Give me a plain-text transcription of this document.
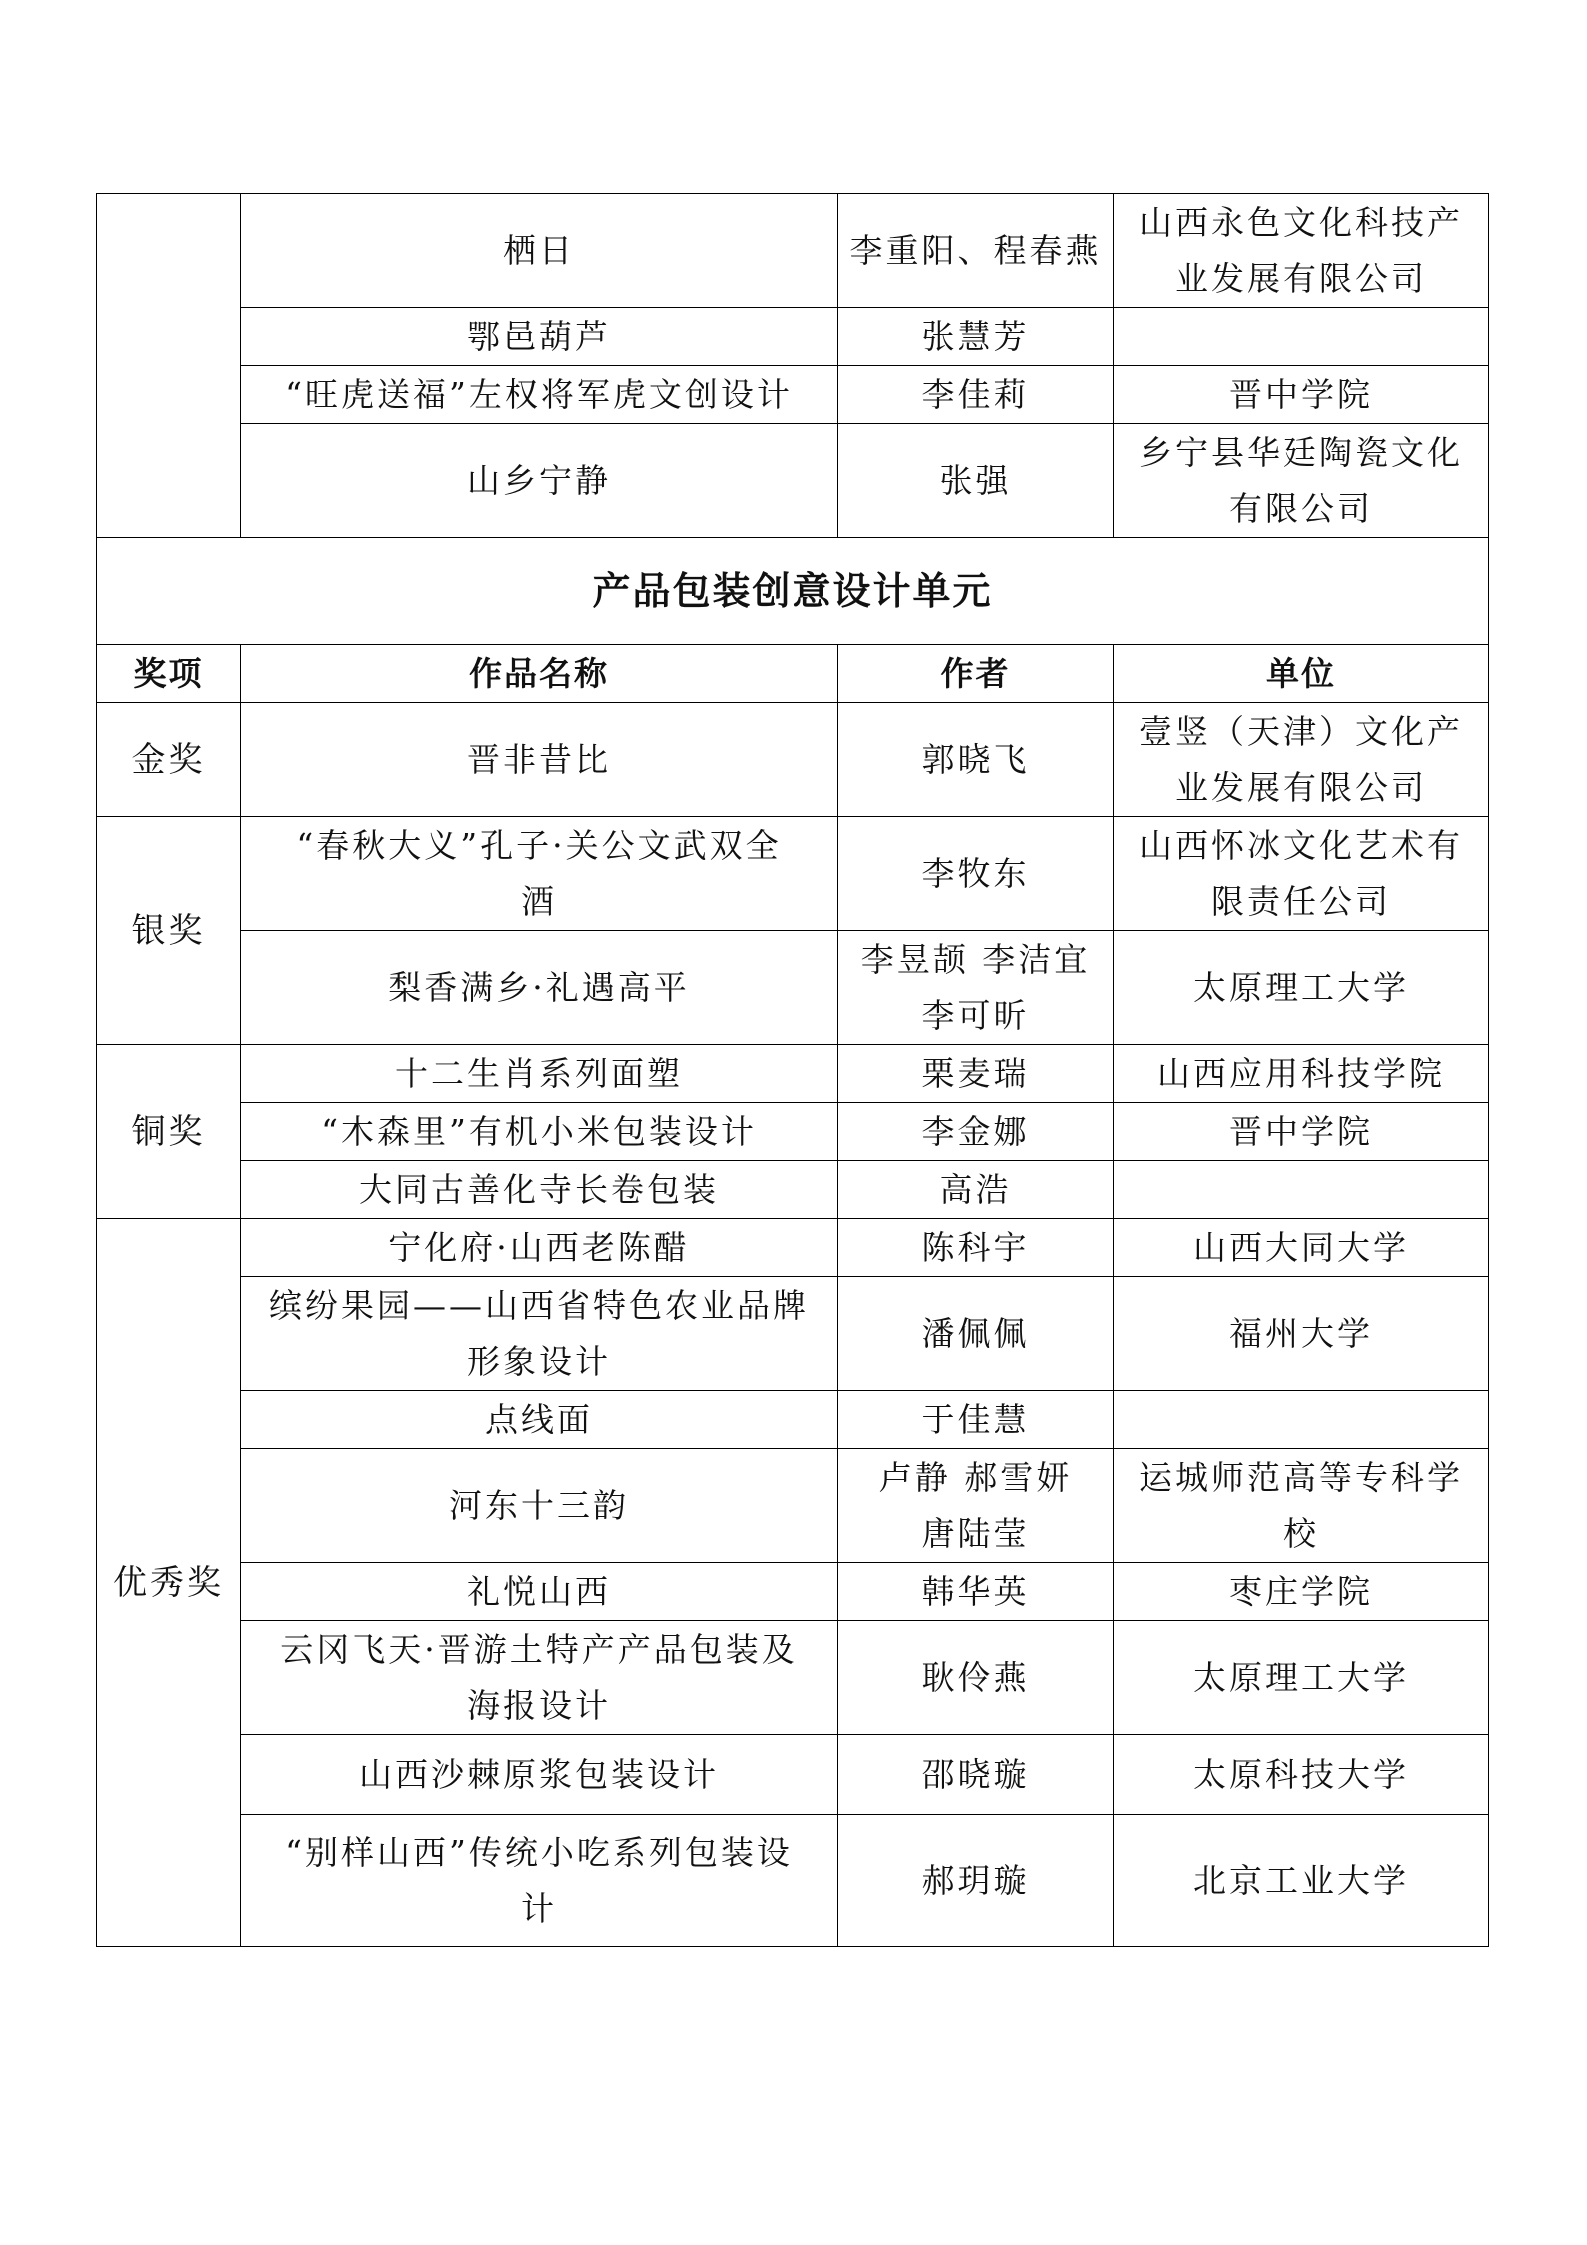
	栖日	李重阳、程春燕	山西永色文化科技产
业发展有限公司

	鄂邑葫芦	张慧芳	
	“旺虎送福”左权将军虎文创设计	李佳莉	晋中学院
	山乡宁静	张强	乡宁县华廷陶瓷文化
有限公司

产品包装创意设计单元			
奖项	作品名称	作者	单位
金奖	晋非昔比	郭晓飞	壹竖（天津）文化产
业发展有限公司

银奖	“春秋大义”孔子·关公文武双全
酒	李牧东	山西怀冰文化艺术有
限责任公司

	梨香满乡·礼遇高平	李昱颉 李洁宜
李可昕	太原理工大学

铜奖	十二生肖系列面塑	栗麦瑞	山西应用科技学院

	“木森里”有机小米包装设计	李金娜	晋中学院

	大同古善化寺长卷包装	高浩	

优秀奖	宁化府·山西老陈醋	陈科宇	山西大同大学

	缤纷果园——山西省特色农业品牌
形象设计	潘佩佩	福州大学

	点线面	于佳慧	

	河东十三韵	卢静 郝雪妍
唐陆莹	运城师范高等专科学
校

	礼悦山西	韩华英	枣庄学院

	云冈飞天·晋游土特产产品包装及
海报设计	耿伶燕	太原理工大学

	山西沙棘原浆包装设计	邵晓璇	太原科技大学

	“别样山西”传统小吃系列包装设
计	郝玥璇	北京工业大学
